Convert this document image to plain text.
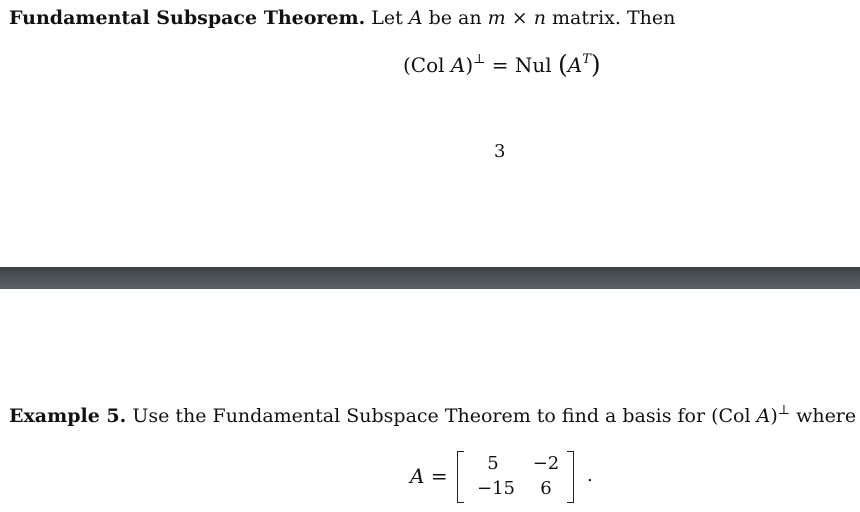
Fundamental Subspace Theorem. Let A be an m × n matrix. Then
(Col A)⊥ = Nul $(A^T)$
3
Example 5. Use the Fundamental Subspace Theorem to find a basis for (Col A)⊥ where
A =
5	−2
−15	6
.
